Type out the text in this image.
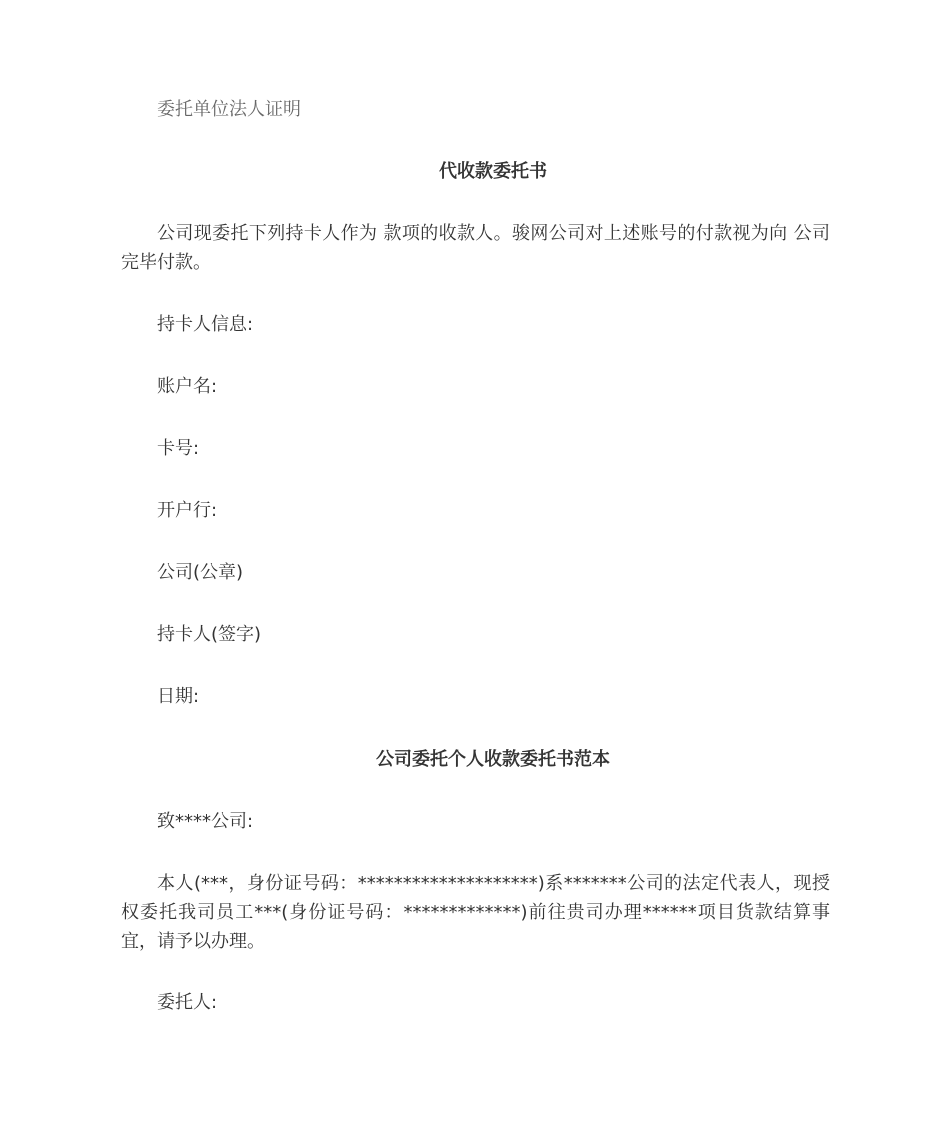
委托单位法人证明
代收款委托书
公司现委托下列持卡人作为 款项的收款人。骏网公司对上述账号的付款视为向 公司完毕付款。
持卡人信息:
账户名:
卡号:
开户行:
公司(公章)
持卡人(签字)
日期:
公司委托个人收款委托书范本
致****公司:
本人(***，身份证号码：********************)系*******公司的法定代表人，现授权委托我司员工***(身份证号码：*************)前往贵司办理******项目货款结算事宜，请予以办理。
委托人:
